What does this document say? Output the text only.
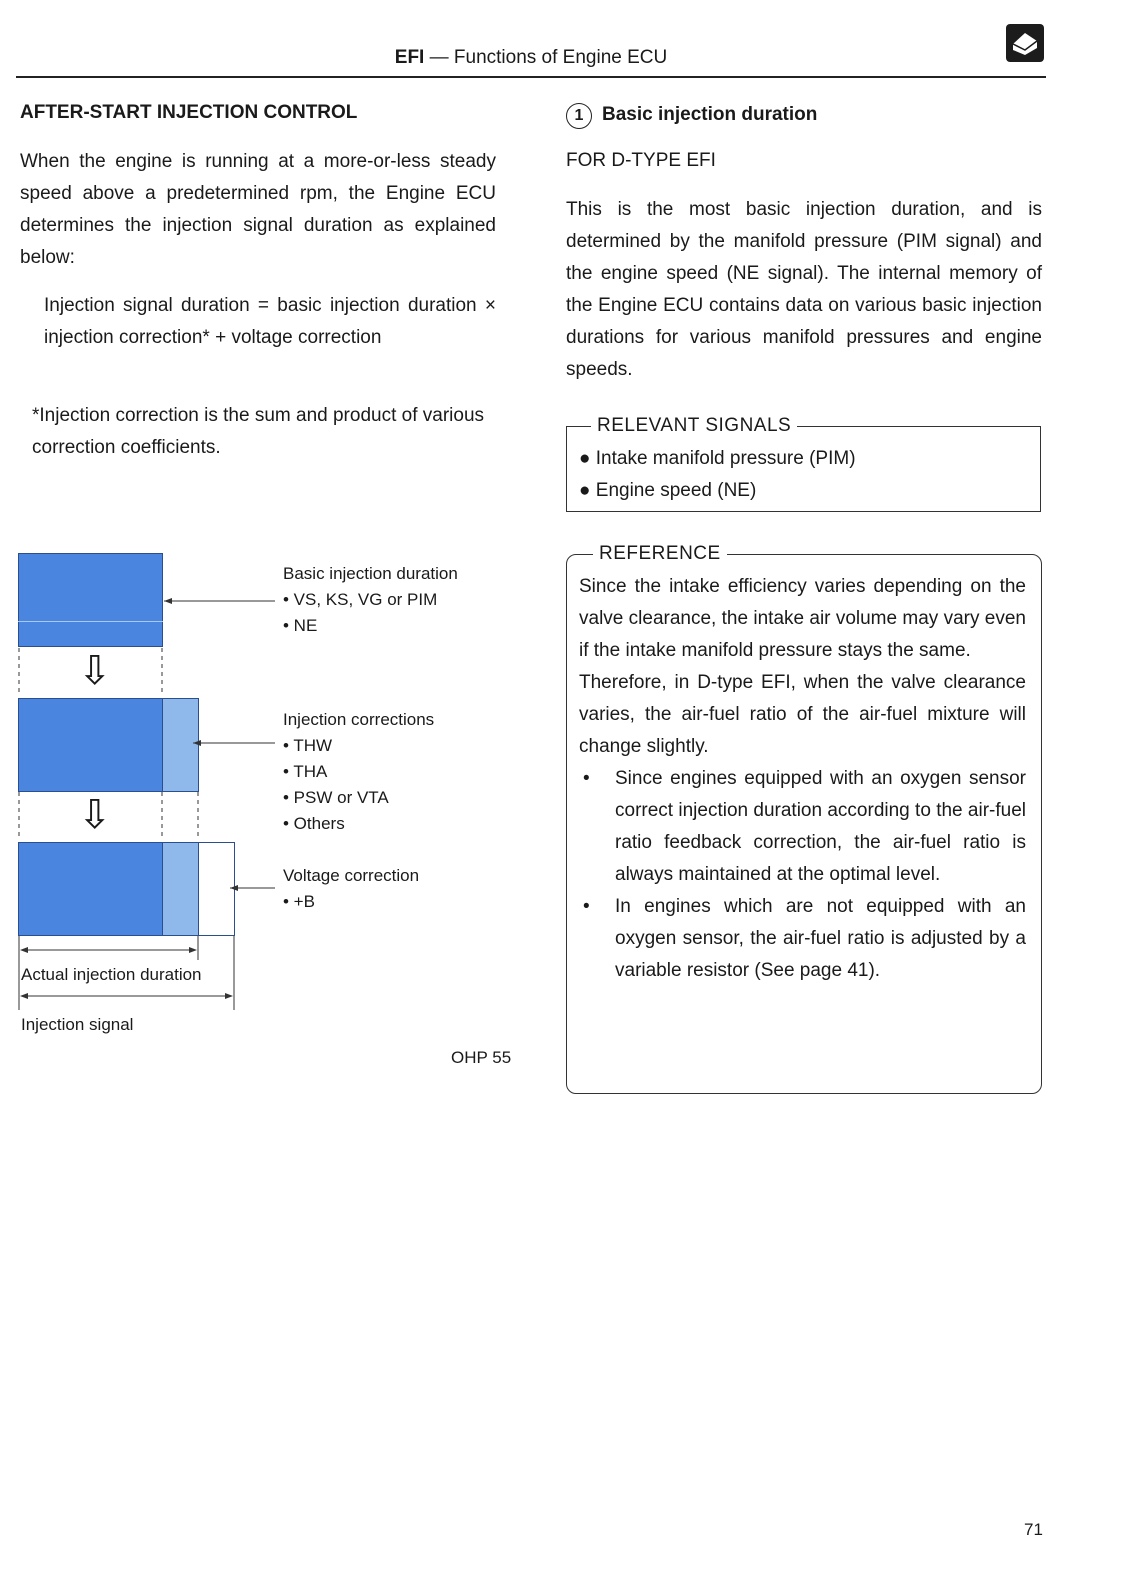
EFI — Functions of Engine ECU
AFTER-START INJECTION CONTROL
When the engine is running at a more-or-less steady speed above a predetermined rpm, the Engine ECU determines the injection signal duration as explained below:
Injection signal duration = basic injection duration × injection correction* + voltage correction
*Injection correction is the sum and product of various correction coefficients.
⇩
⇩
Basic injection duration
• VS, KS, VG or PIM
• NE
Injection corrections
• THW
• THA
• PSW or VTA
• Others
Voltage correction
• +B
Actual injection duration
Injection signal
OHP 55
1 Basic injection duration
FOR D-TYPE EFI
This is the most basic injection duration, and is determined by the manifold pressure (PIM signal) and the engine speed (NE signal). The internal memory of the Engine ECU contains data on various basic injection durations for various manifold pressures and engine speeds.
RELEVANT SIGNALS
● Intake manifold pressure (PIM)
● Engine speed (NE)
REFERENCE
Since the intake efficiency varies depending on the valve clearance, the intake air volume may vary even if the intake manifold pressure stays the same.
Therefore, in D-type EFI, when the valve clearance varies, the air-fuel ratio of the air-fuel mixture will change slightly.
• Since engines equipped with an oxygen sensor correct injection duration according to the air-fuel ratio feedback correction, the air-fuel ratio is always maintained at the optimal level.
• In engines which are not equipped with an oxygen sensor, the air-fuel ratio is adjusted by a variable resistor (See page 41).
71
